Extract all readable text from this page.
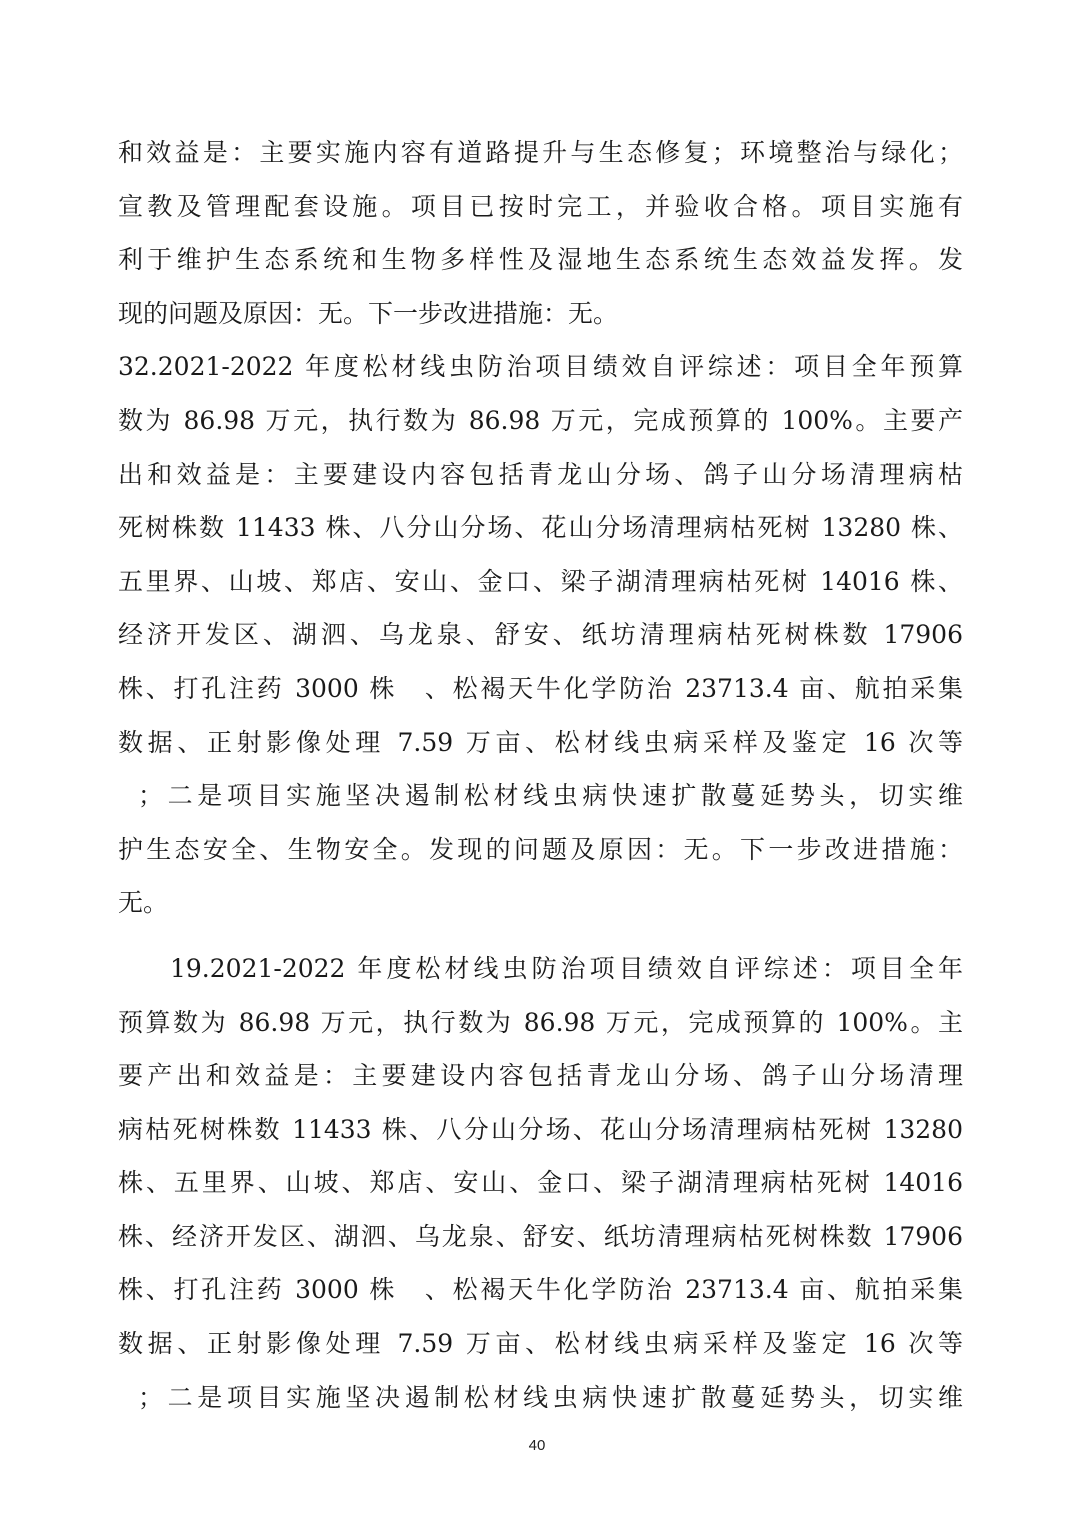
和效益是：主要实施内容有道路提升与生态修复；环境整治与绿化；
宣教及管理配套设施。项目已按时完工，并验收合格。项目实施有
利于维护生态系统和生物多样性及湿地生态系统生态效益发挥。发
现的问题及原因：无。下一步改进措施：无。
32.2021-2022 年度松材线虫防治项目绩效自评综述：项目全年预算
数为 86.98 万元，执行数为 86.98 万元，完成预算的 100%。主要产
出和效益是：主要建设内容包括青龙山分场、鸽子山分场清理病枯
死树株数 11433 株、八分山分场、花山分场清理病枯死树 13280 株、
五里界、山坡、郑店、安山、金口、梁子湖清理病枯死树 14016 株、
经济开发区、湖泗、乌龙泉、舒安、纸坊清理病枯死树株数 17906
株、打孔注药 3000 株　、松褐天牛化学防治 23713.4 亩、航拍采集
数据、正射影像处理 7.59 万亩、松材线虫病采样及鉴定 16 次等
；二是项目实施坚决遏制松材线虫病快速扩散蔓延势头，切实维
护生态安全、生物安全。发现的问题及原因：无。下一步改进措施：
无。
19.2021-2022 年度松材线虫防治项目绩效自评综述：项目全年
预算数为 86.98 万元，执行数为 86.98 万元，完成预算的 100%。主
要产出和效益是：主要建设内容包括青龙山分场、鸽子山分场清理
病枯死树株数 11433 株、八分山分场、花山分场清理病枯死树 13280
株、五里界、山坡、郑店、安山、金口、梁子湖清理病枯死树 14016
株、经济开发区、湖泗、乌龙泉、舒安、纸坊清理病枯死树株数 17906
株、打孔注药 3000 株　、松褐天牛化学防治 23713.4 亩、航拍采集
数据、正射影像处理 7.59 万亩、松材线虫病采样及鉴定 16 次等
；二是项目实施坚决遏制松材线虫病快速扩散蔓延势头，切实维
40
